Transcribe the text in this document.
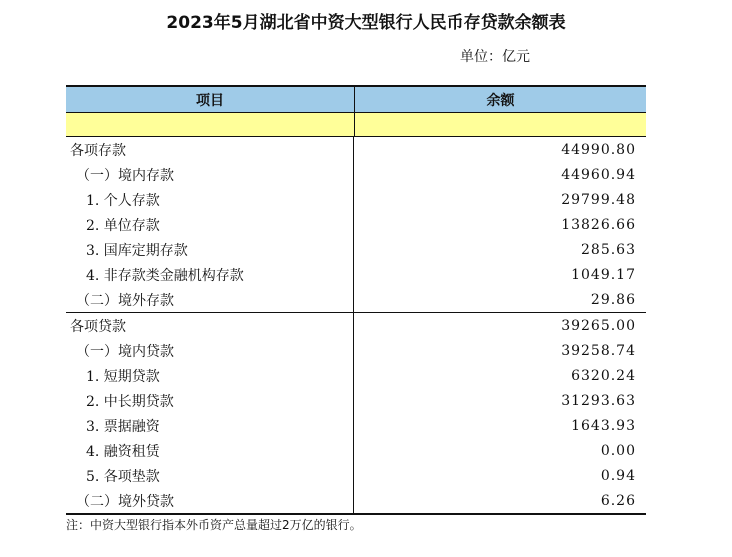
2023年5月湖北省中资大型银行人民币存贷款余额表
单位：亿元
项目	余额
各项存款	44990.80
（一）境内存款	44960.94
1. 个人存款	29799.48
2. 单位存款	13826.66
3. 国库定期存款	285.63
4. 非存款类金融机构存款	1049.17
（二）境外存款	29.86
各项贷款	39265.00
（一）境内贷款	39258.74
1. 短期贷款	6320.24
2. 中长期贷款	31293.63
3. 票据融资	1643.93
4. 融资租赁	0.00
5. 各项垫款	0.94
（二）境外贷款	6.26
注：中资大型银行指本外币资产总量超过2万亿的银行。
